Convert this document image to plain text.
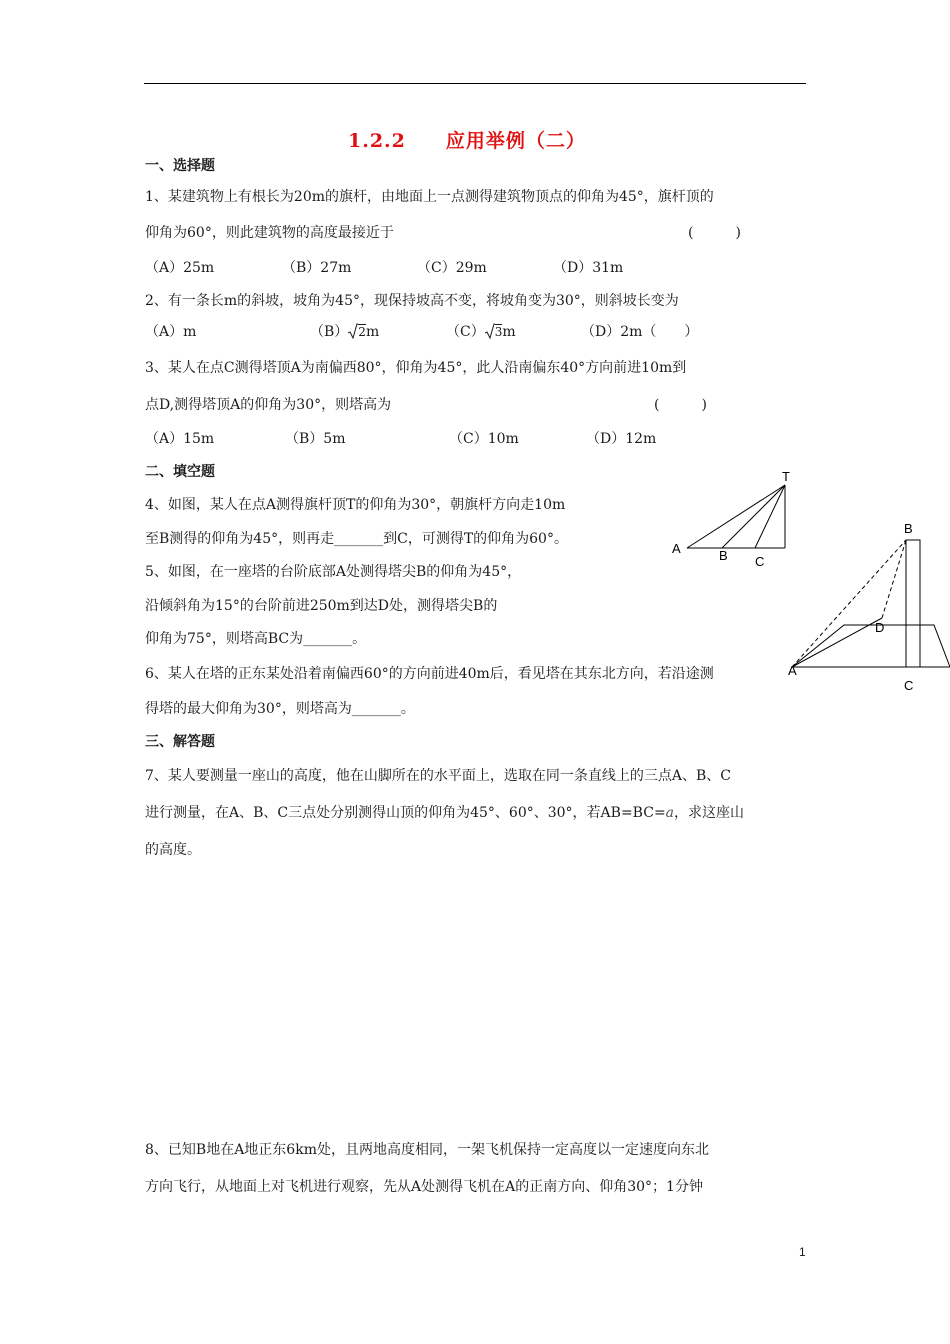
1.2.2　　应用举例（二）
一、选择题
1、某建筑物上有根长为20m的旗杆，由地面上一点测得建筑物顶点的仰角为45°，旗杆顶的
仰角为60°，则此建筑物的高度最接近于	(　　　)
（A）25m	（B）27m	（C）29m	（D）31m
2、有一条长m的斜坡，坡角为45°，现保持坡高不变，将坡角变为30°，则斜坡长变为
（A）m	（B） 2m	（C） 3m	（D）2m（　　）
3、某人在点C测得塔顶A为南偏西80°，仰角为45°，此人沿南偏东40°方向前进10m到
点D,测得塔顶A的仰角为30°，则塔高为	(　　　)
（A）15m	（B）5m	（C）10m	（D）12m
二、填空题
4、如图，某人在点A测得旗杆顶T的仰角为30°，朝旗杆方向走10m
至B测得的仰角为45°，则再走_______到C，可测得T的仰角为60°。
T
A	B C
5、如图，在一座塔的台阶底部A处测得塔尖B的仰角为45°，
沿倾斜角为15°的台阶前进250m到达D处，测得塔尖B的
仰角为75°，则塔高BC为_______。
B
D
A
C
6、某人在塔的正东某处沿着南偏西60°的方向前进40m后，看见塔在其东北方向，若沿途测
得塔的最大仰角为30°，则塔高为_______。
三、解答题
7、某人要测量一座山的高度，他在山脚所在的水平面上，选取在同一条直线上的三点A、B、C
进行测量，在A、B、C三点处分别测得山顶的仰角为45°、60°、30°，若AB=BC=a，求这座山
的高度。
8、已知B地在A地正东6km处，且两地高度相同，一架飞机保持一定高度以一定速度向东北
方向飞行，从地面上对飞机进行观察，先从A处测得飞机在A的正南方向、仰角30°；1分钟
1
